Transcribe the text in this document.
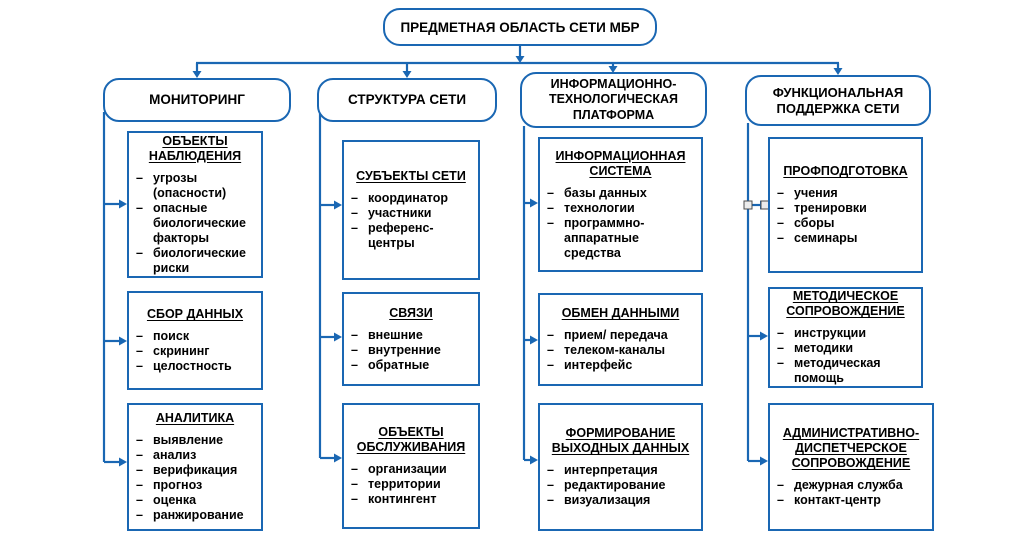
ПРЕДМЕТНАЯ ОБЛАСТЬ СЕТИ МБР
МОНИТОРИНГ	СТРУКТУРА СЕТИ
ИНФОРМАЦИОННО-ТЕХНОЛОГИЧЕСКАЯ ПЛАТФОРМА
ФУНКЦИОНАЛЬНАЯ ПОДДЕРЖКА СЕТИ
ОБЪЕКТЫ НАБЛЮДЕНИЯ
– угрозы (опасности)
– опасные биологические факторы
– биологические риски
СБОР ДАННЫХ
– поиск
– скрининг
– целостность
АНАЛИТИКА
– выявление
– анализ
– верификация
– прогноз
– оценка
– ранжирование
СУБЪЕКТЫ СЕТИ
– координатор
– участники
– референс-центры
СВЯЗИ
– внешние
– внутренние
– обратные
ОБЪЕКТЫ ОБСЛУЖИВАНИЯ
– организации
– территории
– контингент
ИНФОРМАЦИОННАЯ СИСТЕМА
– базы данных
– технологии
– программно-аппаратные средства
ОБМЕН ДАННЫМИ
– прием/ передача
– телеком-каналы
– интерфейс
ФОРМИРОВАНИЕ ВЫХОДНЫХ ДАННЫХ
– интерпретация
– редактирование
– визуализация
ПРОФПОДГОТОВКА
– учения
– тренировки
– сборы
– семинары
МЕТОДИЧЕСКОЕ СОПРОВОЖДЕНИЕ
– инструкции
– методики
– методическая помощь
АДМИНИСТРАТИВНО-ДИСПЕТЧЕРСКОЕ СОПРОВОЖДЕНИЕ
– дежурная служба
– контакт-центр
